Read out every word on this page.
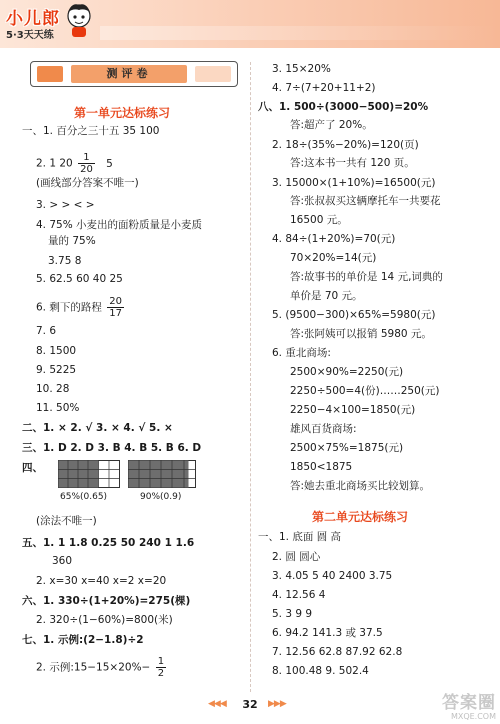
小儿郎
5·3天天练
测评卷
第一单元达标练习
一、1. 百分之三十五 35 100
2. 1 $20 \frac{1}{20} 5$
(画线部分答案不唯一)
3. > > < >
4. 75% 小麦出的面粉质量是小麦质
量的 75%
3.75 8
5. 62.5 60 40 25
6. 剩下的路程 $\frac{20}{17}$
7. 6
8. 1500
9. 5225
10. 28
11. 50%
二、1. × 2. √ 3. × 4. √ 5. ×
三、1. D 2. D 3. B 4. B 5. B 6. D
四、
65%(0.65)	90%(0.9)
(涂法不唯一)
五、1. 1 1.8 0.25 50 240 1 1.6
360
2. x=30 x=40 x=2 x=20
六、1. 330÷(1+20%)=275(棵)
2. 320÷(1−60%)=800(米)
七、1. 示例:(2−1.8)÷2
2. 示例:15−15×20%− $\frac{1}{2}$
3. 15×20%
4. 7÷(7+20+11+2)
八、1. 500÷(3000−500)=20%
答:超产了 20%。
2. 18÷(35%−20%)=120(页)
答:这本书一共有 120 页。
3. 15000×(1+10%)=16500(元)
答:张叔叔买这辆摩托车一共要花
16500 元。
4. 84÷(1+20%)=70(元)
70×20%=14(元)
答:故事书的单价是 14 元,词典的
单价是 70 元。
5. (9500−300)×65%=5980(元)
答:张阿姨可以报销 5980 元。
6. 重北商场:
2500×90%=2250(元)
2250÷500=4(份)……250(元)
2250−4×100=1850(元)
雄风百货商场:
2500×75%=1875(元)
1850<1875
答:她去重北商场买比较划算。
第二单元达标练习
一、1. 底面 圆 高
2. 圆 圆心
3. 4.05 5 40 2400 3.75
4. 12.56 4
5. 3 9 9
6. 94.2 141.3 或 37.5
7. 12.56 62.8 87.92 62.8
8. 100.48 9. 502.4
◀◀◀	32	▶▶▶	答案圈
MXQE.COM
